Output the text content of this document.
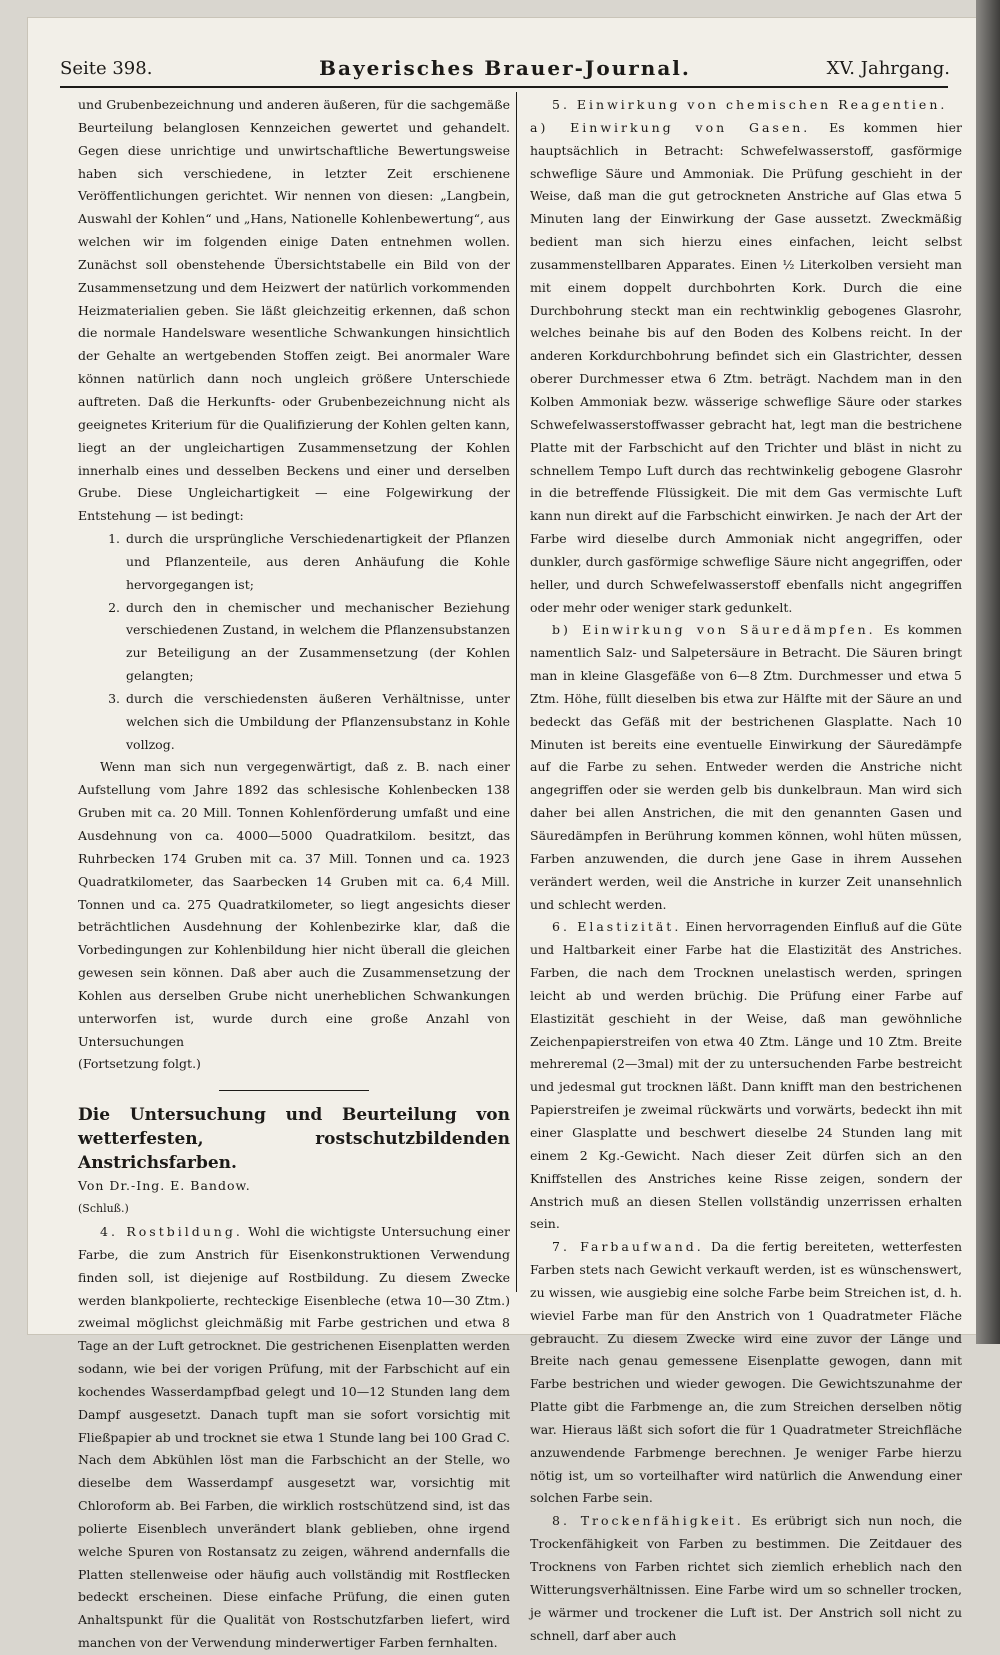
Seite 398.	Bayerisches Brauer-Journal.	XV. Jahrgang.

und Grubenbezeichnung und anderen äußeren, für die sachgemäße Beurteilung belanglosen Kennzeichen gewertet und gehandelt. Gegen diese unrichtige und unwirtschaftliche Bewertungsweise haben sich verschiedene, in letzter Zeit erschienene Veröffentlichungen gerichtet. Wir nennen von diesen: „Langbein, Auswahl der Kohlen“ und „Hans, Nationelle Kohlenbewertung“, aus welchen wir im folgenden einige Daten entnehmen wollen. Zunächst soll obenstehende Übersichtstabelle ein Bild von der Zusammensetzung und dem Heizwert der natürlich vorkommenden Heizmaterialien geben. Sie läßt gleichzeitig erkennen, daß schon die normale Handelsware wesentliche Schwankungen hinsichtlich der Gehalte an wertgebenden Stoffen zeigt. Bei anormaler Ware können natürlich dann noch ungleich größere Unterschiede auftreten. Daß die Herkunfts- oder Grubenbezeichnung nicht als geeignetes Kriterium für die Qualifizierung der Kohlen gelten kann, liegt an der ungleichartigen Zusammensetzung der Kohlen innerhalb eines und desselben Beckens und einer und derselben Grube. Diese Ungleichartigkeit — eine Folgewirkung der Entstehung — ist bedingt:

1. durch die ursprüngliche Verschiedenartigkeit der Pflanzen und Pflanzenteile, aus deren Anhäufung die Kohle hervorgegangen ist;
2. durch den in chemischer und mechanischer Beziehung verschiedenen Zustand, in welchem die Pflanzensubstanzen zur Beteiligung an der Zusammensetzung (der Kohlen gelangten;
3. durch die verschiedensten äußeren Verhältnisse, unter welchen sich die Umbildung der Pflanzensubstanz in Kohle vollzog.

Wenn man sich nun vergegenwärtigt, daß z. B. nach einer Aufstellung vom Jahre 1892 das schlesische Kohlenbecken 138 Gruben mit ca. 20 Mill. Tonnen Kohlenförderung umfaßt und eine Ausdehnung von ca. 4000—5000 Quadratkilom. besitzt, das Ruhrbecken 174 Gruben mit ca. 37 Mill. Tonnen und ca. 1923 Quadratkilometer, das Saarbecken 14 Gruben mit ca. 6,4 Mill. Tonnen und ca. 275 Quadratkilometer, so liegt angesichts dieser beträchtlichen Ausdehnung der Kohlenbezirke klar, daß die Vorbedingungen zur Kohlenbildung hier nicht überall die gleichen gewesen sein können. Daß aber auch die Zusammensetzung der Kohlen aus derselben Grube nicht unerheblichen Schwankungen unterworfen ist, wurde durch eine große Anzahl von Untersuchungen

(Fortsetzung folgt.)

Die Untersuchung und Beurteilung von wetterfesten, rostschutzbildenden Anstrichsfarben.

Von Dr.-Ing. E. Bandow.

(Schluß.)

4. Rostbildung. Wohl die wichtigste Untersuchung einer Farbe, die zum Anstrich für Eisenkonstruktionen Verwendung finden soll, ist diejenige auf Rostbildung. Zu diesem Zwecke werden blankpolierte, rechteckige Eisenbleche (etwa 10—30 Ztm.) zweimal möglichst gleichmäßig mit Farbe gestrichen und etwa 8 Tage an der Luft getrocknet. Die gestrichenen Eisenplatten werden sodann, wie bei der vorigen Prüfung, mit der Farbschicht auf ein kochendes Wasserdampfbad gelegt und 10—12 Stunden lang dem Dampf ausgesetzt. Danach tupft man sie sofort vorsichtig mit Fließpapier ab und trocknet sie etwa 1 Stunde lang bei 100 Grad C. Nach dem Abkühlen löst man die Farbschicht an der Stelle, wo dieselbe dem Wasserdampf ausgesetzt war, vorsichtig mit Chloroform ab. Bei Farben, die wirklich rostschützend sind, ist das polierte Eisenblech unverändert blank geblieben, ohne irgend welche Spuren von Rostansatz zu zeigen, während andernfalls die Platten stellenweise oder häufig auch vollständig mit Rostflecken bedeckt erscheinen. Diese einfache Prüfung, die einen guten Anhaltspunkt für die Qualität von Rostschutzfarben liefert, wird manchen von der Verwendung minderwertiger Farben fernhalten.

5. Einwirkung von chemischen Reagentien.

a) Einwirkung von Gasen. Es kommen hier hauptsächlich in Betracht: Schwefelwasserstoff, gasförmige schweflige Säure und Ammoniak. Die Prüfung geschieht in der Weise, daß man die gut getrockneten Anstriche auf Glas etwa 5 Minuten lang der Einwirkung der Gase aussetzt. Zweckmäßig bedient man sich hierzu eines einfachen, leicht selbst zusammenstellbaren Apparates. Einen ½ Literkolben versieht man mit einem doppelt durchbohrten Kork. Durch die eine Durchbohrung steckt man ein rechtwinklig gebogenes Glasrohr, welches beinahe bis auf den Boden des Kolbens reicht. In der anderen Korkdurchbohrung befindet sich ein Glastrichter, dessen oberer Durchmesser etwa 6 Ztm. beträgt. Nachdem man in den Kolben Ammoniak bezw. wässerige schweflige Säure oder starkes Schwefelwasserstoffwasser gebracht hat, legt man die bestrichene Platte mit der Farbschicht auf den Trichter und bläst in nicht zu schnellem Tempo Luft durch das rechtwinkelig gebogene Glasrohr in die betreffende Flüssigkeit. Die mit dem Gas vermischte Luft kann nun direkt auf die Farbschicht einwirken. Je nach der Art der Farbe wird dieselbe durch Ammoniak nicht angegriffen, oder dunkler, durch gasförmige schweflige Säure nicht angegriffen, oder heller, und durch Schwefelwasserstoff ebenfalls nicht angegriffen oder mehr oder weniger stark gedunkelt.

b) Einwirkung von Säuredämpfen. Es kommen namentlich Salz- und Salpetersäure in Betracht. Die Säuren bringt man in kleine Glasgefäße von 6—8 Ztm. Durchmesser und etwa 5 Ztm. Höhe, füllt dieselben bis etwa zur Hälfte mit der Säure an und bedeckt das Gefäß mit der bestrichenen Glasplatte. Nach 10 Minuten ist bereits eine eventuelle Einwirkung der Säuredämpfe auf die Farbe zu sehen. Entweder werden die Anstriche nicht angegriffen oder sie werden gelb bis dunkelbraun. Man wird sich daher bei allen Anstrichen, die mit den genannten Gasen und Säuredämpfen in Berührung kommen können, wohl hüten müssen, Farben anzuwenden, die durch jene Gase in ihrem Aussehen verändert werden, weil die Anstriche in kurzer Zeit unansehnlich und schlecht werden.

6. Elastizität. Einen hervorragenden Einfluß auf die Güte und Haltbarkeit einer Farbe hat die Elastizität des Anstriches. Farben, die nach dem Trocknen unelastisch werden, springen leicht ab und werden brüchig. Die Prüfung einer Farbe auf Elastizität geschieht in der Weise, daß man gewöhnliche Zeichenpapierstreifen von etwa 40 Ztm. Länge und 10 Ztm. Breite mehreremal (2—3mal) mit der zu untersuchenden Farbe bestreicht und jedesmal gut trocknen läßt. Dann knifft man den bestrichenen Papierstreifen je zweimal rückwärts und vorwärts, bedeckt ihn mit einer Glasplatte und beschwert dieselbe 24 Stunden lang mit einem 2 Kg.-Gewicht. Nach dieser Zeit dürfen sich an den Kniffstellen des Anstriches keine Risse zeigen, sondern der Anstrich muß an diesen Stellen vollständig unzerrissen erhalten sein.

7. Farbaufwand. Da die fertig bereiteten, wetterfesten Farben stets nach Gewicht verkauft werden, ist es wünschenswert, zu wissen, wie ausgiebig eine solche Farbe beim Streichen ist, d. h. wieviel Farbe man für den Anstrich von 1 Quadratmeter Fläche gebraucht. Zu diesem Zwecke wird eine zuvor der Länge und Breite nach genau gemessene Eisenplatte gewogen, dann mit Farbe bestrichen und wieder gewogen. Die Gewichtszunahme der Platte gibt die Farbmenge an, die zum Streichen derselben nötig war. Hieraus läßt sich sofort die für 1 Quadratmeter Streichfläche anzuwendende Farbmenge berechnen. Je weniger Farbe hierzu nötig ist, um so vorteilhafter wird natürlich die Anwendung einer solchen Farbe sein.

8. Trockenfähigkeit. Es erübrigt sich nun noch, die Trockenfähigkeit von Farben zu bestimmen. Die Zeitdauer des Trocknens von Farben richtet sich ziemlich erheblich nach den Witterungsverhältnissen. Eine Farbe wird um so schneller trocken, je wärmer und trockener die Luft ist. Der Anstrich soll nicht zu schnell, darf aber auch
